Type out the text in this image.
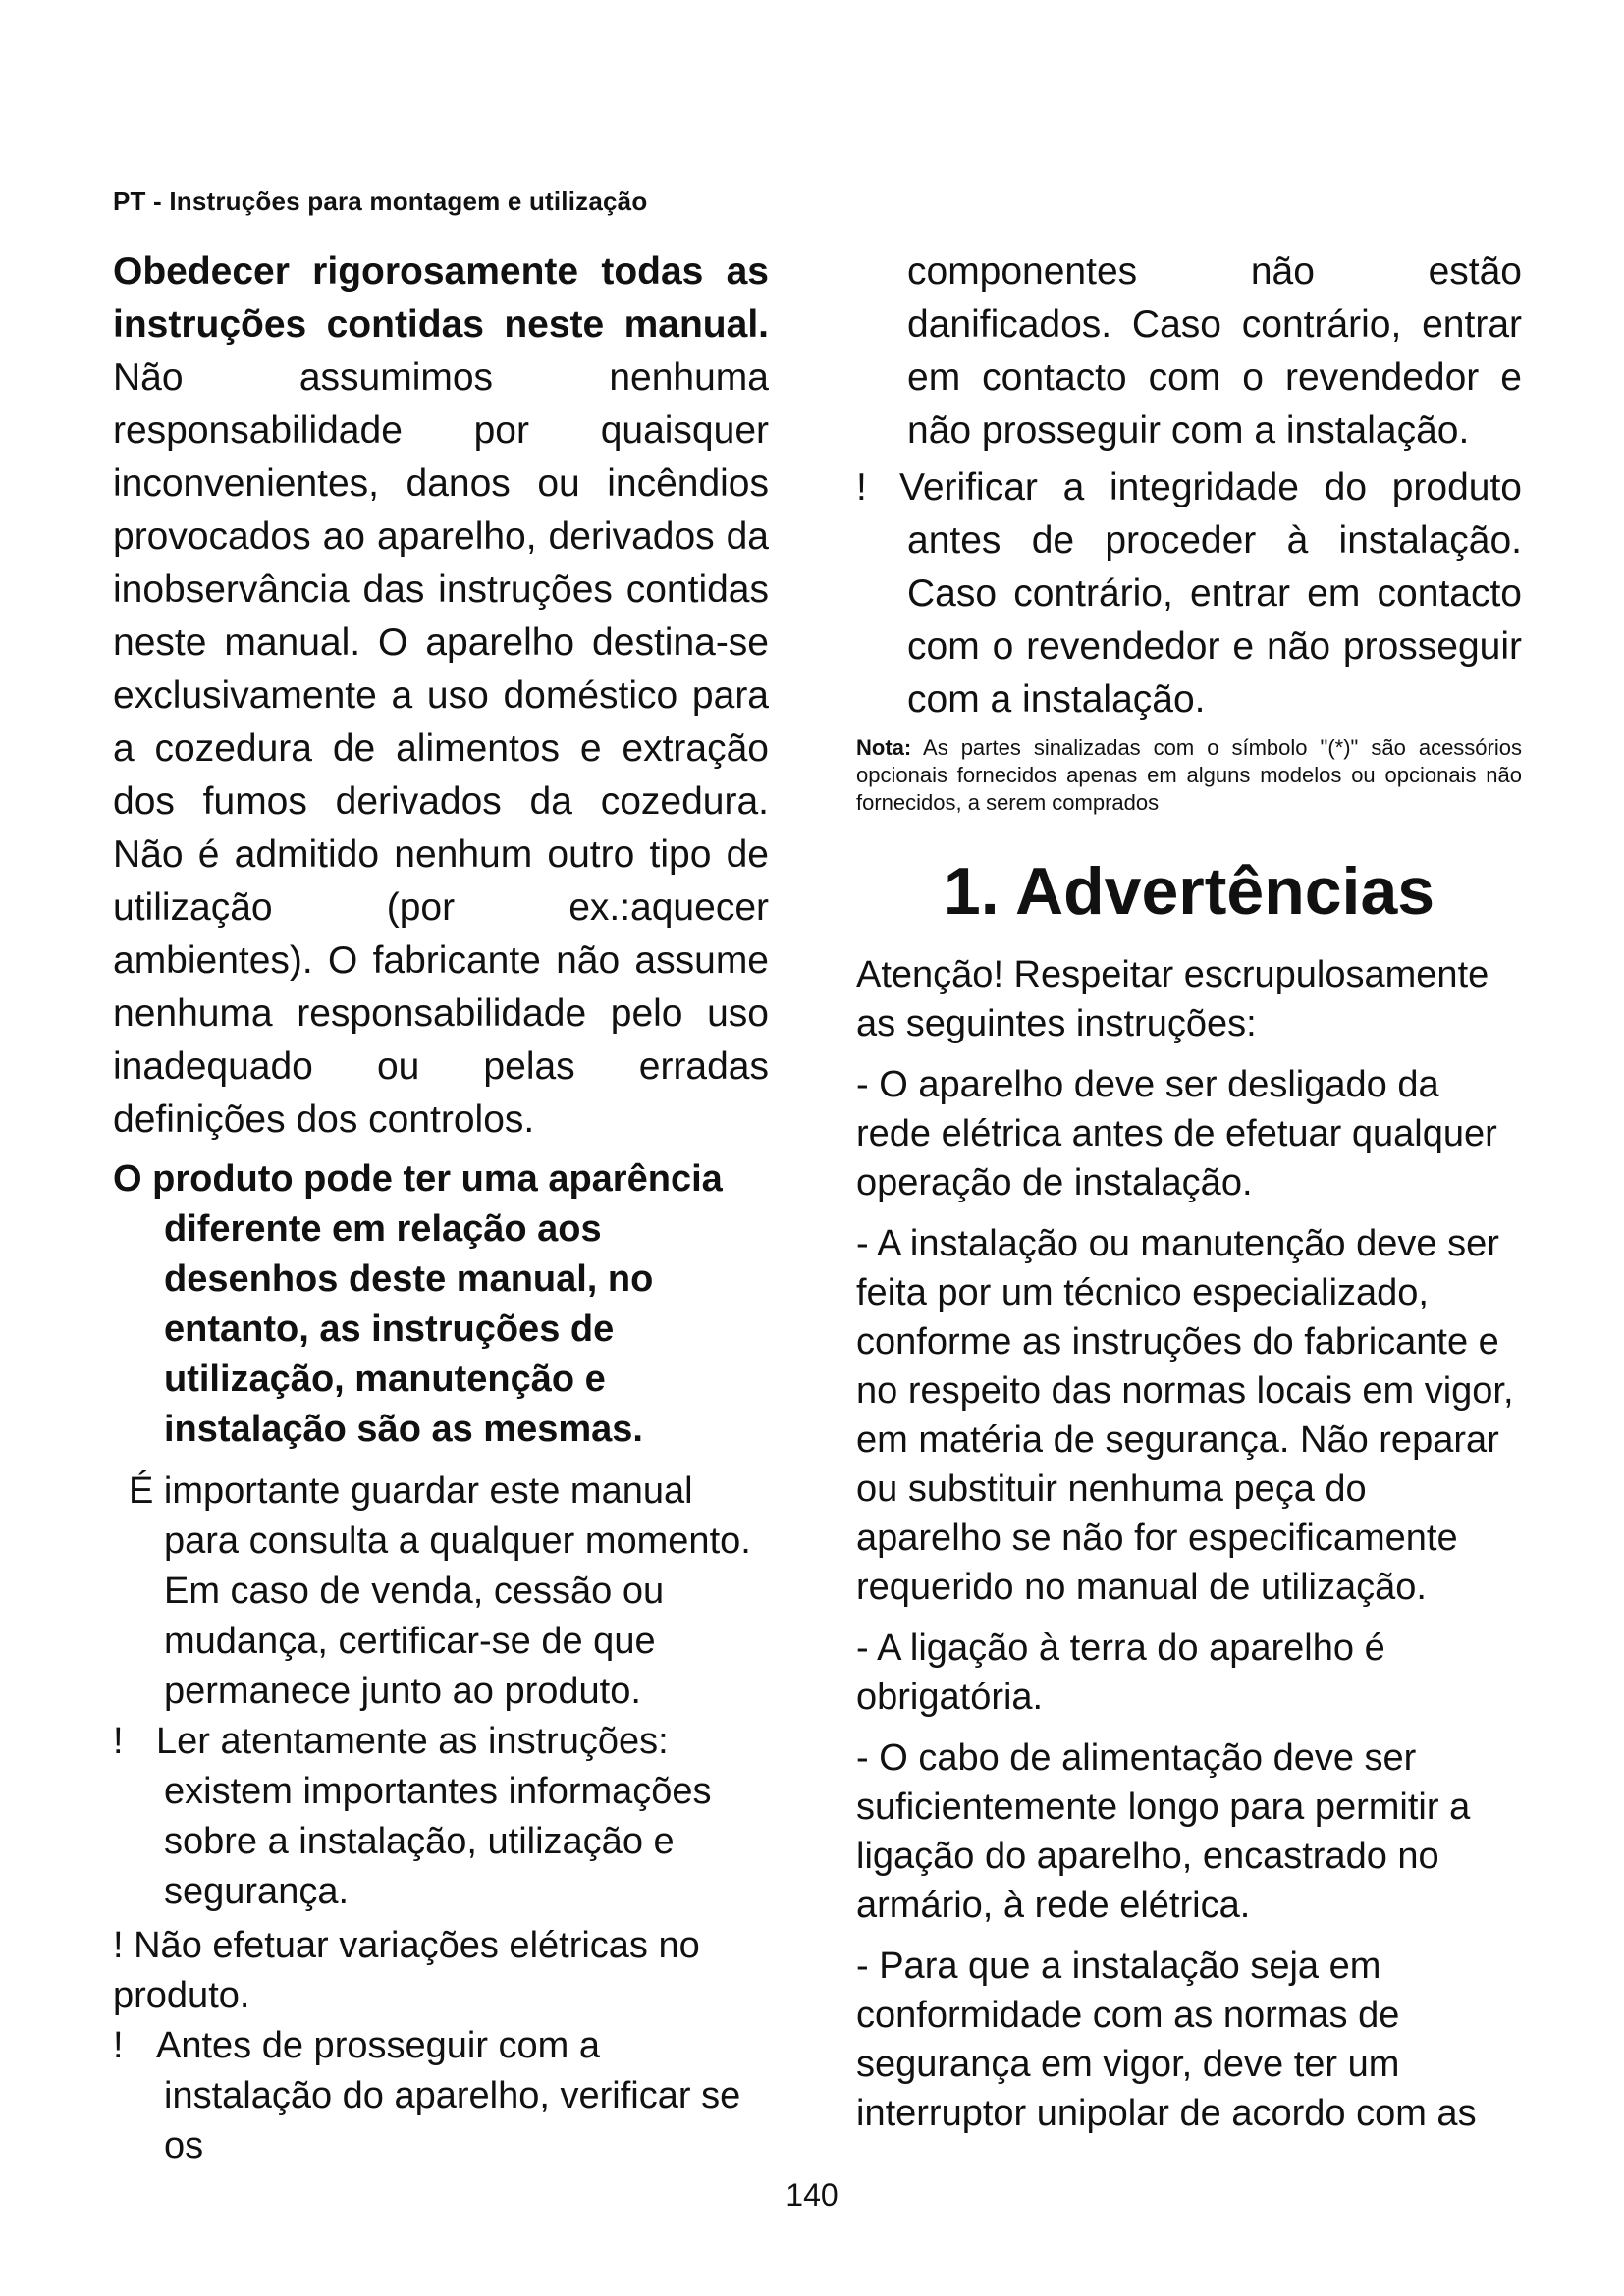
PT - Instruções para montagem e utilização

Obedecer rigorosamente todas as instruções contidas neste manual. Não assumimos nenhuma responsabilidade por quaisquer inconvenientes, danos ou incêndios provocados ao aparelho, derivados da inobservância das instruções contidas neste manual. O aparelho destina-se exclusivamente a uso doméstico para a cozedura de alimentos e extração dos fumos derivados da cozedura. Não é admitido nenhum outro tipo de utilização (por ex.:aquecer ambientes). O fabricante não assume nenhuma responsabilidade pelo uso inadequado ou pelas erradas definições dos controlos.

O produto pode ter uma aparência diferente em relação aos desenhos deste manual, no entanto, as instruções de utilização, manutenção e instalação são as mesmas.

É importante guardar este manual para consulta a qualquer momento. Em caso de venda, cessão ou mudança, certificar-se de que permanece junto ao produto.

! Ler atentamente as instruções: existem importantes informações sobre a instalação, utilização e segurança.

! Não efetuar variações elétricas no produto.

! Antes de prosseguir com a instalação do aparelho, verificar se os

componentes não estão danificados. Caso contrário, entrar em contacto com o revendedor e não prosseguir com a instalação.

! Verificar a integridade do produto antes de proceder à instalação. Caso contrário, entrar em contacto com o revendedor e não prosseguir com a instalação.

Nota: As partes sinalizadas com o símbolo "(*)" são acessórios opcionais fornecidos apenas em alguns modelos ou opcionais não fornecidos, a serem comprados

1. Advertências

Atenção! Respeitar escrupulosamente as seguintes instruções:

- O aparelho deve ser desligado da rede elétrica antes de efetuar qualquer operação de instalação.

- A instalação ou manutenção deve ser feita por um técnico especializado, conforme as instruções do fabricante e no respeito das normas locais em vigor, em matéria de segurança. Não reparar ou substituir nenhuma peça do aparelho se não for especificamente requerido no manual de utilização.

- A ligação à terra do aparelho é obrigatória.

- O cabo de alimentação deve ser suficientemente longo para permitir a ligação do aparelho, encastrado no armário, à rede elétrica.

- Para que a instalação seja em conformidade com as normas de segurança em vigor, deve ter um interruptor unipolar de acordo com as

140
